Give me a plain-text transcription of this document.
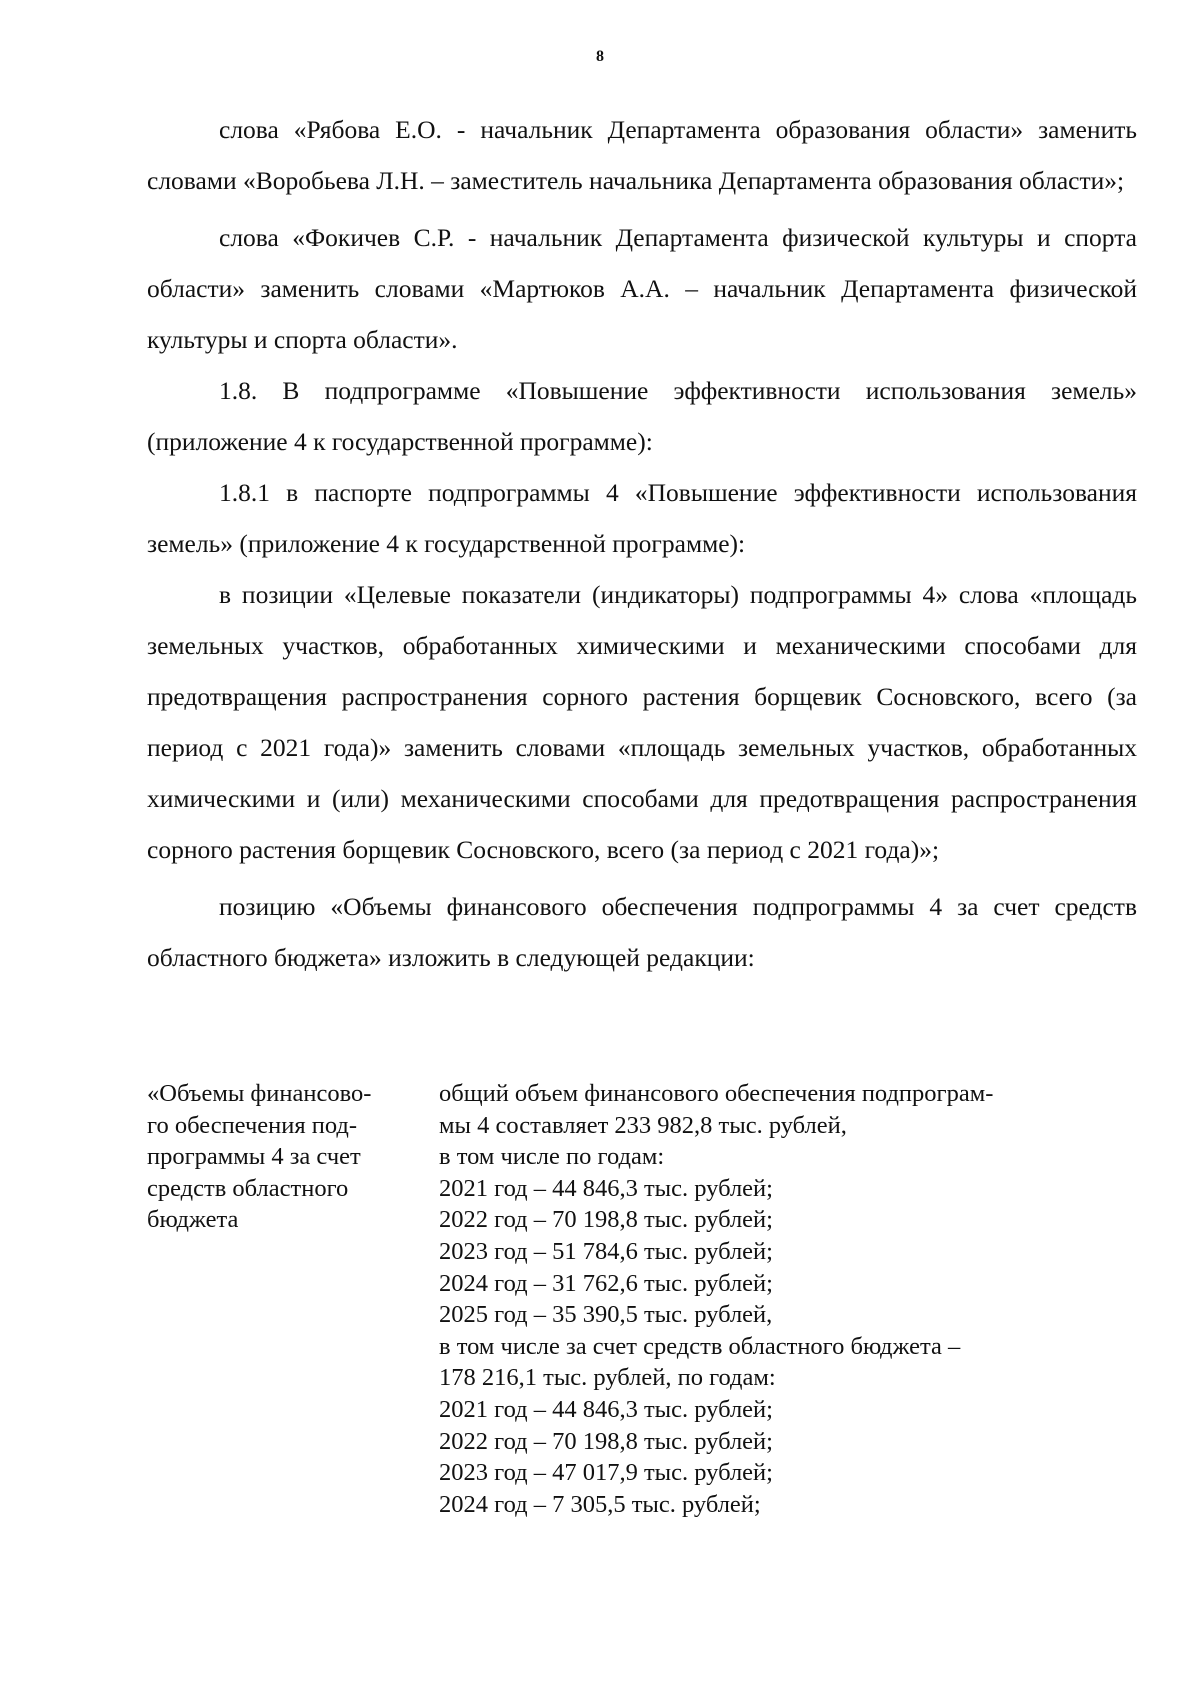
8

слова «Рябова Е.О. - начальник Департамента образования области» заменить словами «Воробьева Л.Н. – заместитель начальника Департамента образования области»;

слова «Фокичев С.Р. - начальник Департамента физической культуры и спорта области» заменить словами «Мартюков А.А. – начальник Департамента физической культуры и спорта области».

1.8. В подпрограмме «Повышение эффективности использования земель» (приложение 4 к государственной программе):

1.8.1 в паспорте подпрограммы 4 «Повышение эффективности использования земель» (приложение 4 к государственной программе):

в позиции «Целевые показатели (индикаторы) подпрограммы 4» слова «площадь земельных участков, обработанных химическими и механическими способами для предотвращения распространения сорного растения борщевик Сосновского, всего (за период с 2021 года)» заменить словами «площадь земельных участков, обработанных химическими и (или) механическими способами для предотвращения распространения сорного растения борщевик Сосновского, всего (за период с 2021 года)»;

позицию «Объемы финансового обеспечения подпрограммы 4 за счет средств областного бюджета» изложить в следующей редакции:

«Объемы финансово-
го обеспечения под-
программы 4 за счет
средств областного
бюджета
общий объем финансового обеспечения подпрограм-
мы 4 составляет 233 982,8 тыс. рублей,
в том числе по годам:
2021 год – 44 846,3 тыс. рублей;
2022 год – 70 198,8 тыс. рублей;
2023 год – 51 784,6 тыс. рублей;
2024 год – 31 762,6 тыс. рублей;
2025 год – 35 390,5 тыс. рублей,
в том числе за счет средств областного бюджета –
178 216,1 тыс. рублей, по годам:
2021 год – 44 846,3 тыс. рублей;
2022 год – 70 198,8 тыс. рублей;
2023 год – 47 017,9 тыс. рублей;
2024 год – 7 305,5 тыс. рублей;
